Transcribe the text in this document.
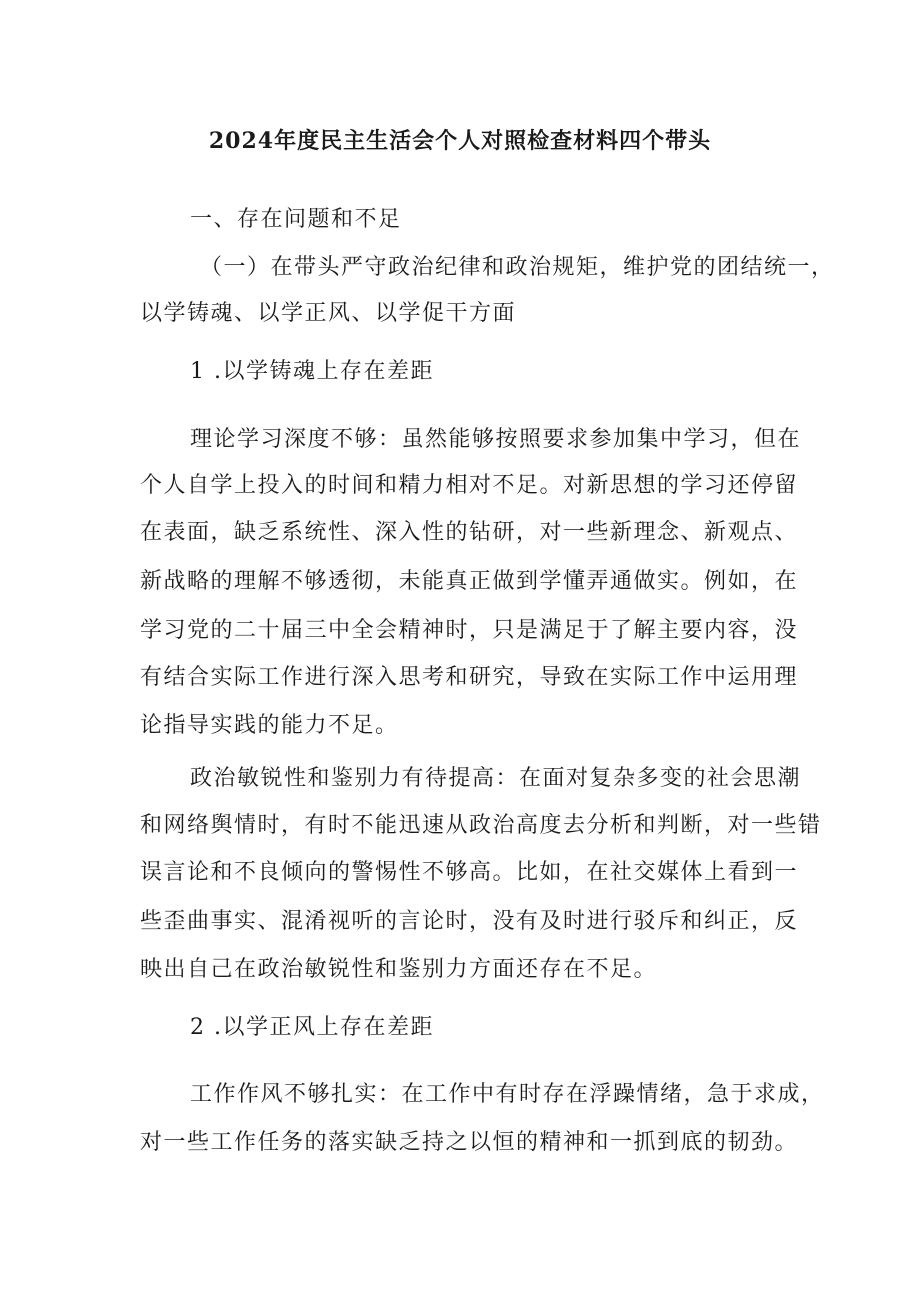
2024年度民主生活会个人对照检查材料四个带头
一、存在问题和不足
（一）在带头严守政治纪律和政治规矩，维护党的团结统一，
以学铸魂、以学正风、以学促干方面
1 .以学铸魂上存在差距
理论学习深度不够：虽然能够按照要求参加集中学习，但在
个人自学上投入的时间和精力相对不足。对新思想的学习还停留
在表面，缺乏系统性、深入性的钻研，对一些新理念、新观点、
新战略的理解不够透彻，未能真正做到学懂弄通做实。例如，在
学习党的二十届三中全会精神时，只是满足于了解主要内容，没
有结合实际工作进行深入思考和研究，导致在实际工作中运用理
论指导实践的能力不足。
政治敏锐性和鉴别力有待提高：在面对复杂多变的社会思潮
和网络舆情时，有时不能迅速从政治高度去分析和判断，对一些错
误言论和不良倾向的警惕性不够高。比如，在社交媒体上看到一
些歪曲事实、混淆视听的言论时，没有及时进行驳斥和纠正，反
映出自己在政治敏锐性和鉴别力方面还存在不足。
2 .以学正风上存在差距
工作作风不够扎实：在工作中有时存在浮躁情绪，急于求成，
对一些工作任务的落实缺乏持之以恒的精神和一抓到底的韧劲。
